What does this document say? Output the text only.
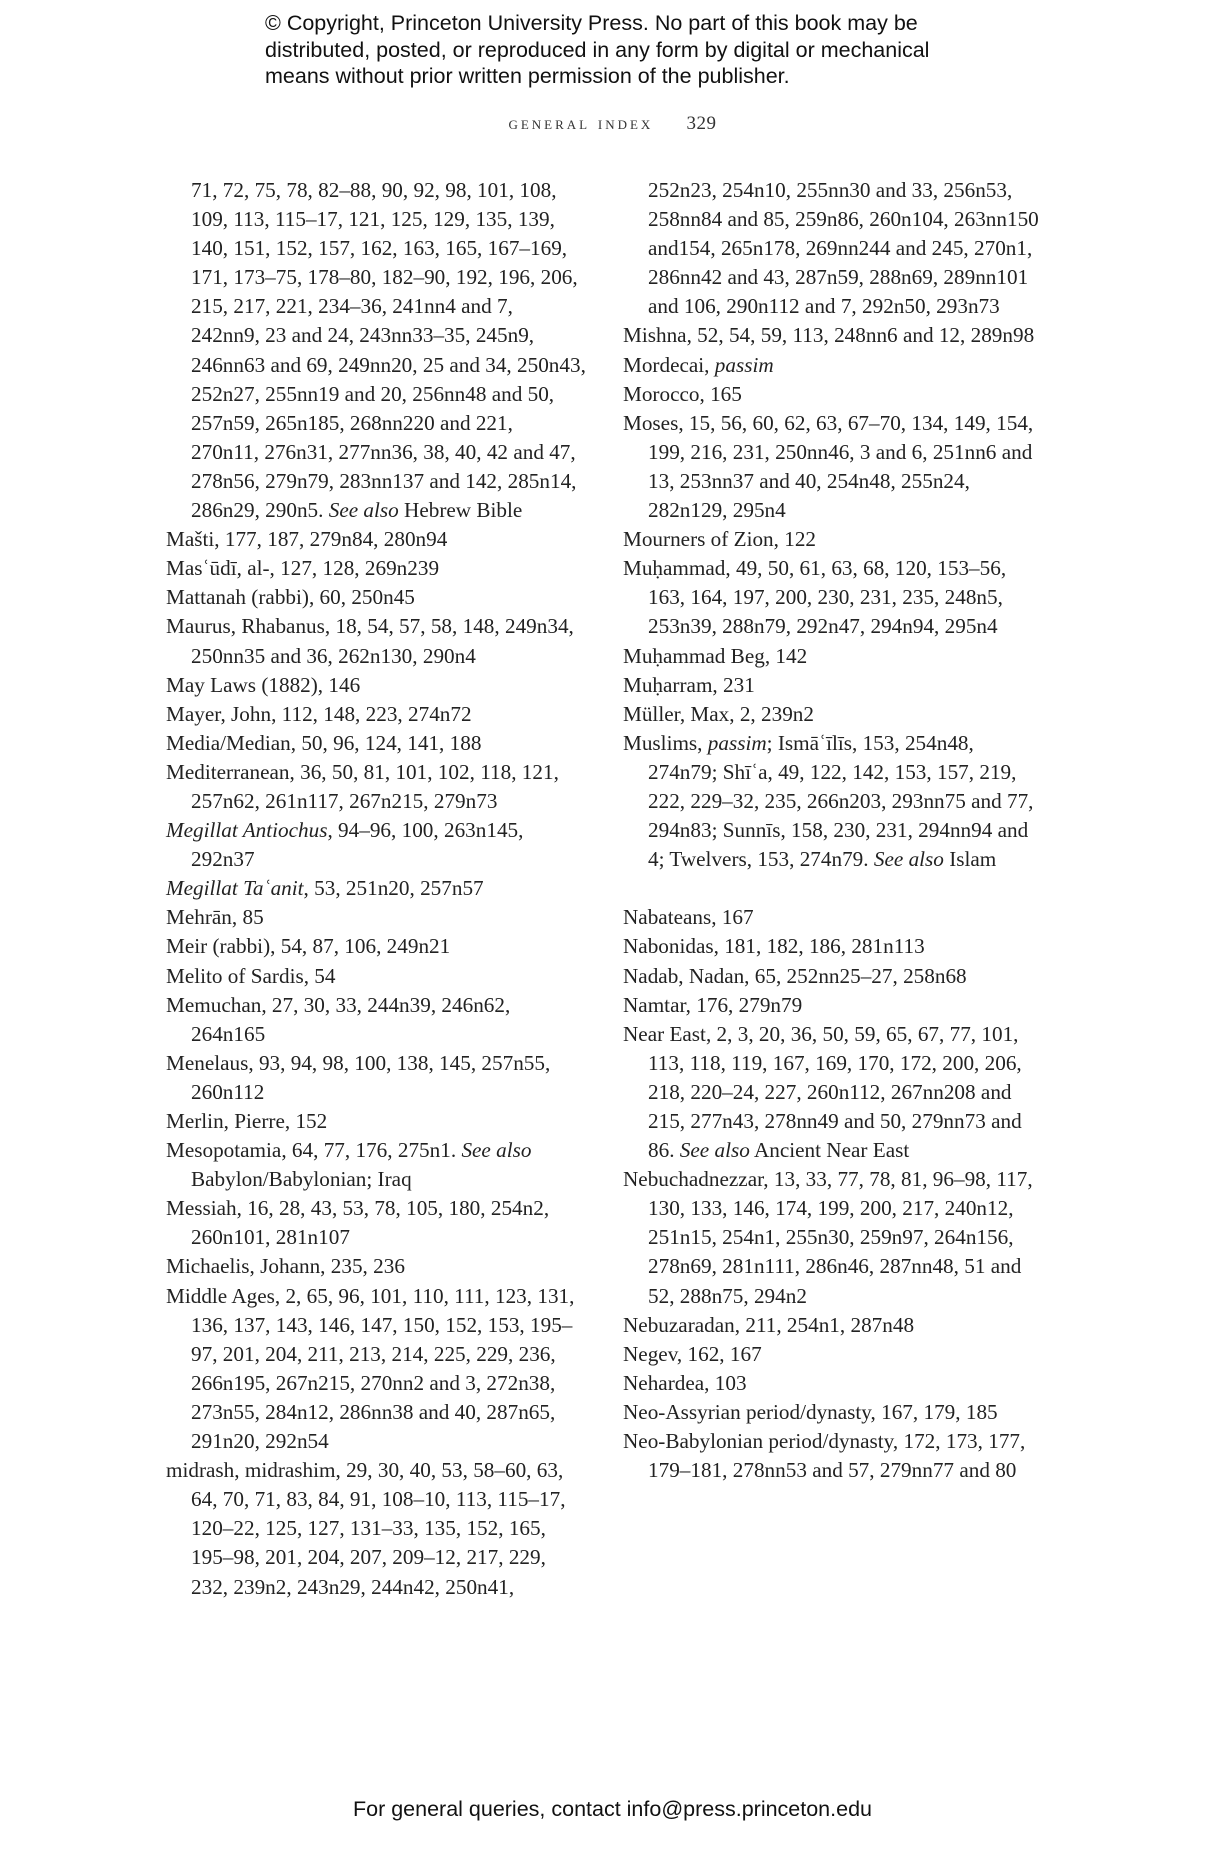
© Copyright, Princeton University Press. No part of this book may be distributed, posted, or reproduced in any form by digital or mechanical means without prior written permission of the publisher.
general index 329
71, 72, 75, 78, 82–88, 90, 92, 98, 101, 108, 109, 113, 115–17, 121, 125, 129, 135, 139, 140, 151, 152, 157, 162, 163, 165, 167–169, 171, 173–75, 178–80, 182–90, 192, 196, 206, 215, 217, 221, 234–36, 241nn4 and 7, 242nn9, 23 and 24, 243nn33–35, 245n9, 246nn63 and 69, 249nn20, 25 and 34, 250n43, 252n27, 255nn19 and 20, 256nn48 and 50, 257n59, 265n185, 268nn220 and 221, 270n11, 276n31, 277nn36, 38, 40, 42 and 47, 278n56, 279n79, 283nn137 and 142, 285n14, 286n29, 290n5. See also Hebrew Bible
Mašti, 177, 187, 279n84, 280n94
Masʿūdī, al-, 127, 128, 269n239
Mattanah (rabbi), 60, 250n45
Maurus, Rhabanus, 18, 54, 57, 58, 148, 249n34, 250nn35 and 36, 262n130, 290n4
May Laws (1882), 146
Mayer, John, 112, 148, 223, 274n72
Media/Median, 50, 96, 124, 141, 188
Mediterranean, 36, 50, 81, 101, 102, 118, 121, 257n62, 261n117, 267n215, 279n73
Megillat Antiochus, 94–96, 100, 263n145, 292n37
Megillat Taʿanit, 53, 251n20, 257n57
Mehrān, 85
Meir (rabbi), 54, 87, 106, 249n21
Melito of Sardis, 54
Memuchan, 27, 30, 33, 244n39, 246n62, 264n165
Menelaus, 93, 94, 98, 100, 138, 145, 257n55, 260n112
Merlin, Pierre, 152
Mesopotamia, 64, 77, 176, 275n1. See also Babylon/Babylonian; Iraq
Messiah, 16, 28, 43, 53, 78, 105, 180, 254n2, 260n101, 281n107
Michaelis, Johann, 235, 236
Middle Ages, 2, 65, 96, 101, 110, 111, 123, 131, 136, 137, 143, 146, 147, 150, 152, 153, 195–97, 201, 204, 211, 213, 214, 225, 229, 236, 266n195, 267n215, 270nn2 and 3, 272n38, 273n55, 284n12, 286nn38 and 40, 287n65, 291n20, 292n54
midrash, midrashim, 29, 30, 40, 53, 58–60, 63, 64, 70, 71, 83, 84, 91, 108–10, 113, 115–17, 120–22, 125, 127, 131–33, 135, 152, 165, 195–98, 201, 204, 207, 209–12, 217, 229, 232, 239n2, 243n29, 244n42, 250n41,
252n23, 254n10, 255nn30 and 33, 256n53, 258nn84 and 85, 259n86, 260n104, 263nn150 and154, 265n178, 269nn244 and 245, 270n1, 286nn42 and 43, 287n59, 288n69, 289nn101 and 106, 290n112 and 7, 292n50, 293n73
Mishna, 52, 54, 59, 113, 248nn6 and 12, 289n98
Mordecai, passim
Morocco, 165
Moses, 15, 56, 60, 62, 63, 67–70, 134, 149, 154, 199, 216, 231, 250nn46, 3 and 6, 251nn6 and 13, 253nn37 and 40, 254n48, 255n24, 282n129, 295n4
Mourners of Zion, 122
Muḥammad, 49, 50, 61, 63, 68, 120, 153–56, 163, 164, 197, 200, 230, 231, 235, 248n5, 253n39, 288n79, 292n47, 294n94, 295n4
Muḥammad Beg, 142
Muḥarram, 231
Müller, Max, 2, 239n2
Muslims, passim; Ismāʿīlīs, 153, 254n48, 274n79; Shīʿa, 49, 122, 142, 153, 157, 219, 222, 229–32, 235, 266n203, 293nn75 and 77, 294n83; Sunnīs, 158, 230, 231, 294nn94 and 4; Twelvers, 153, 274n79. See also Islam
Nabateans, 167
Nabonidas, 181, 182, 186, 281n113
Nadab, Nadan, 65, 252nn25–27, 258n68
Namtar, 176, 279n79
Near East, 2, 3, 20, 36, 50, 59, 65, 67, 77, 101, 113, 118, 119, 167, 169, 170, 172, 200, 206, 218, 220–24, 227, 260n112, 267nn208 and 215, 277n43, 278nn49 and 50, 279nn73 and 86. See also Ancient Near East
Nebuchadnezzar, 13, 33, 77, 78, 81, 96–98, 117, 130, 133, 146, 174, 199, 200, 217, 240n12, 251n15, 254n1, 255n30, 259n97, 264n156, 278n69, 281n111, 286n46, 287nn48, 51 and 52, 288n75, 294n2
Nebuzaradan, 211, 254n1, 287n48
Negev, 162, 167
Nehardea, 103
Neo-Assyrian period/dynasty, 167, 179, 185
Neo-Babylonian period/dynasty, 172, 173, 177, 179–181, 278nn53 and 57, 279nn77 and 80
For general queries, contact info@press.princeton.edu
